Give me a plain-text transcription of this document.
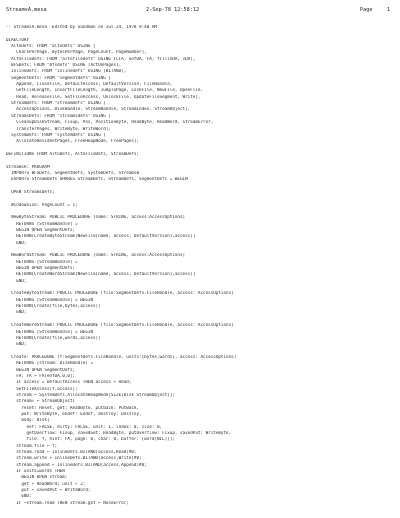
StreamsA.mesa

	2-Sep-78 12:58:12

	Page

	1

-- StreamsA.mesa  Edited by Sandman on Jul 24, 1978 9:40 AM
DIRECTORY
AltoDefs: FROM "altodefs" USING [
CharsPerPage, BytesPerPage, PageCount, PageNumber],
AltoFileDefs: FROM "altofiledefs" USING [CFA, eofDA, FA, fillinDA, vDA],
BFSDefs: FROM "bfsdefs" USING [ActOnPages],
InlineDefs: FROM "inlinedefs" USING [BITAND],
SegmentDefs: FROM "segmentdefs" USING [
Append, CloseFile, DefaultAccess, DefaultVersion, FileHandle,
GetFileLength, InsertFileLength, JumpToPage, LockFile, NewFile, OpenFile,
Read, ReleaseFile, SetFileAccess, UnlockFile, UpdateFileSegment, Write],
StreamDefs: FROM "streamdefs" USING [
AccessOptions, DiskHandle, StreamHandle, StreamIndex, StreamObject],
StreamsDefs: FROM "streamsdefs" USING [
CleanupDiskStream, Fixup, Pos, PositionByte, ReadByte, ReadWord, StreamError,
TransferPages, WriteByte, WriteWord],
SystemDefs: FROM "systemdefs" USING [
AllocateResidentPages, FreeHeapNode, FreePages];
DEFINITIONS FROM AltoDefs, AltoFileDefs, StreamDefs;
StreamsA: PROGRAM
IMPORTS BFSDefs, SegmentDefs, SystemDefs, StreamsB
EXPORTS StreamDefs SHARES StreamDefs, StreamDefs, SegmentDefs = BEGIN
OPEN StreamsDefs;
WindowSize: PageCount = 1;
NewByteStream: PUBLIC PROCEDURE [name: STRING, access:AccessOptions]
RETURNS [StreamHandle] =
BEGIN OPEN SegmentDefs;
RETURN[CreateByteStream[NewFile[name, access, DefaultVersion],access]]
END;
NewWordStream: PUBLIC PROCEDURE [name: STRING, access:AccessOptions]
RETURNS [StreamHandle] =
BEGIN OPEN SegmentDefs;
RETURN[CreateWordStream[NewFile[name, access, DefaultVersion],access]]
END;
CreateByteStream: PUBLIC PROCEDURE [file:SegmentDefs.FileHandle, access: AccessOptions]
RETURNS [StreamHandle] = BEGIN
RETURN[Create[file,bytes,access]]
END;
CreateWordStream: PUBLIC PROCEDURE [file:SegmentDefs.FileHandle, access: AccessOptions]
RETURNS [StreamHandle] = BEGIN
RETURN[Create[file,words,access]]
END;
Create: PROCEDURE [f:SegmentDefs.FileHandle, units:{bytes,words}, access: AccessOptions]
RETURNS [stream: DiskHandle] =
BEGIN OPEN SegmentDefs;
FA: FA ← FA[eofDA,0,0];
IF access = DefaultAccess THEN access ← Read;
SetFileAccess[f,access];
stream ← SystemDefs.AllocateHeapNode[SIZE[Disk StreamObject]];
stream↑ ← StreamObject[
reset: Reset, get: ReadByte, putback: PutBack,
put: WriteByte, endof: Endof, destroy: Destroy,
body: Disk[
eof: FALSE, dirty: FALSE, unit: 1, index: 0, size: 0,
getOverflow: Fixup, savedGet: ReadByte, putOverflow: Fixup, savedPut: WriteByte,
file: f, hint: FA, page: 0, char: 0, buffer: [word[NIL]]];
stream.file ← f;
stream.read ← InlineDefs.BITAND[access,Read]#0;
stream.write ← InlineDefs.BITAND[access,Write]#0;
stream.append ← InlineDefs.BITAND[access,Append]#0;
IF units=words THEN
BEGIN OPEN stream;
get ← ReadWord; unit ← 2;
put ← savedPut ← WriteWord;
END;
IF ~stream.read THEN stream.get ← NoseError;
